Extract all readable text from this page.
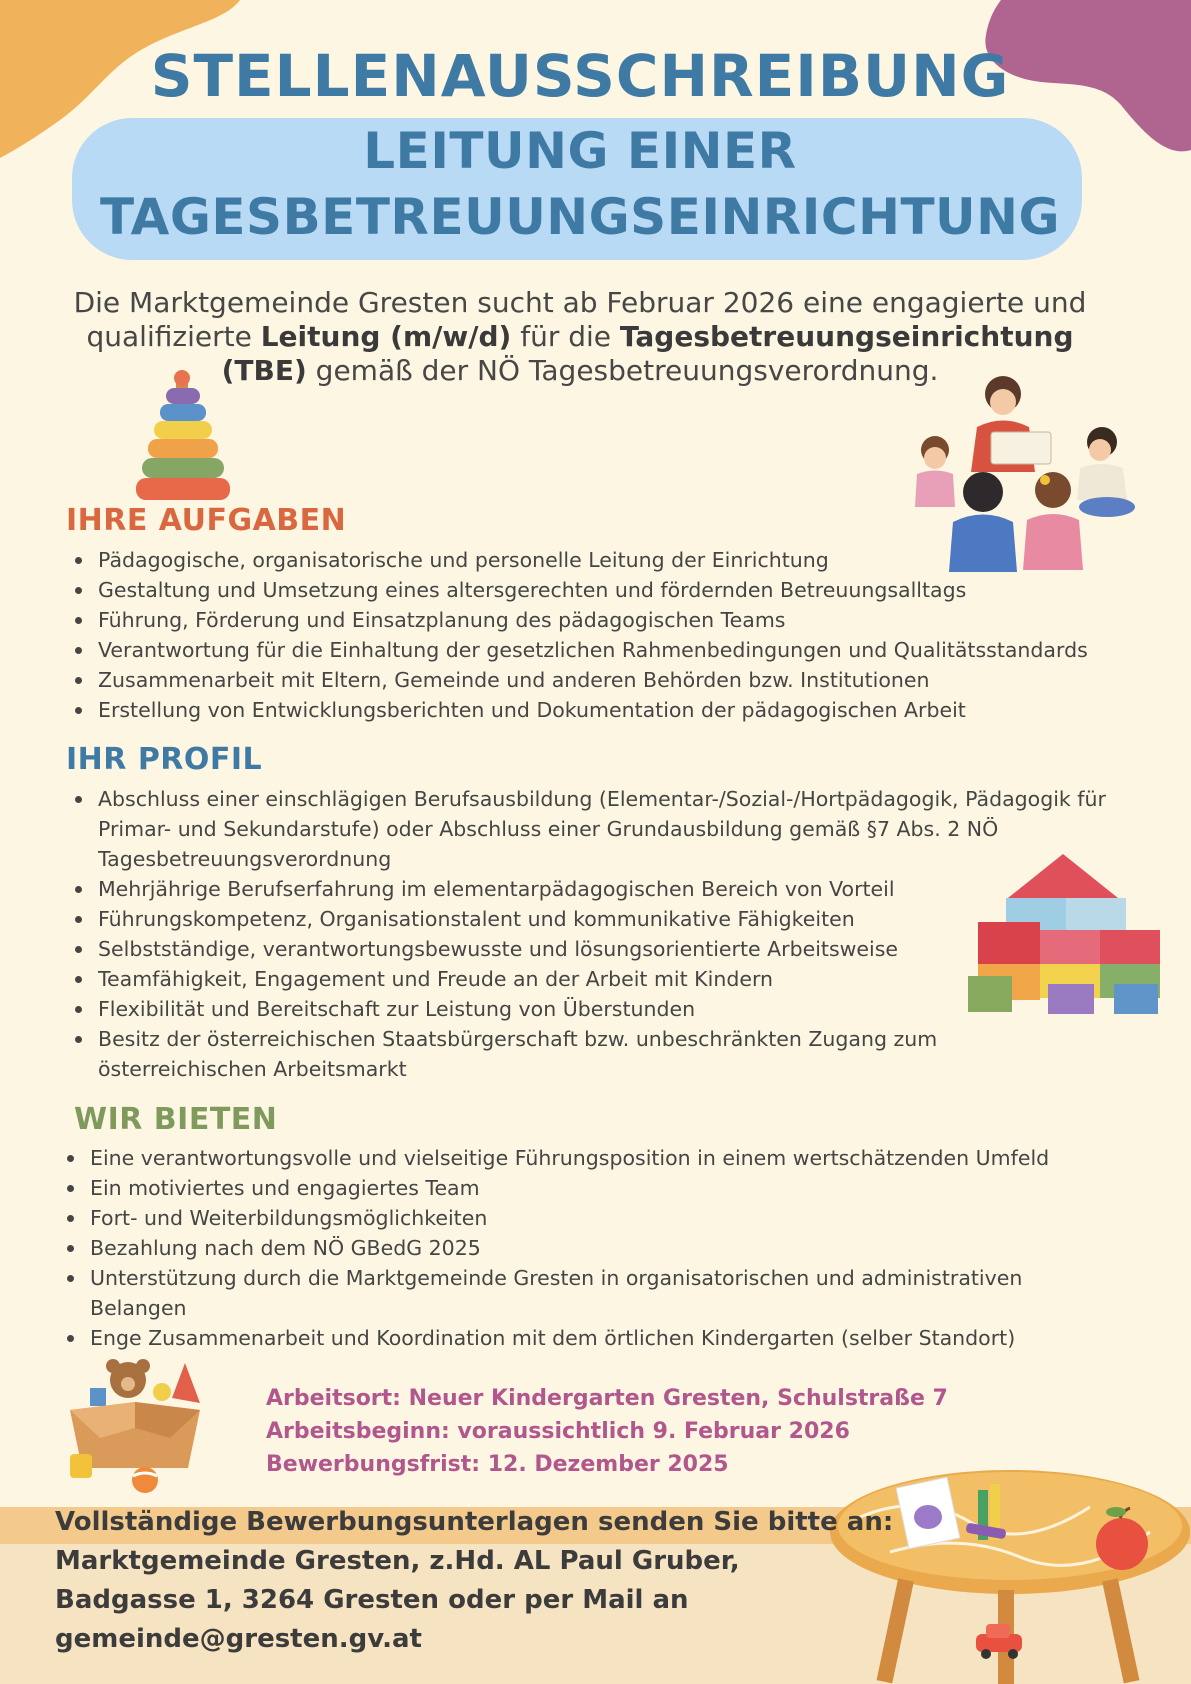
STELLENAUSSCHREIBUNG
LEITUNG EINER
TAGESBETREUUNGSEINRICHTUNG
Die Marktgemeinde Gresten sucht ab Februar 2026 eine engagierte und qualifizierte Leitung (m/w/d) für die Tagesbetreuungseinrichtung (TBE) gemäß der NÖ Tagesbetreuungsverordnung.
IHRE AUFGABEN
Pädagogische, organisatorische und personelle Leitung der Einrichtung
Gestaltung und Umsetzung eines altersgerechten und fördernden Betreuungsalltags
Führung, Förderung und Einsatzplanung des pädagogischen Teams
Verantwortung für die Einhaltung der gesetzlichen Rahmenbedingungen und Qualitätsstandards
Zusammenarbeit mit Eltern, Gemeinde und anderen Behörden bzw. Institutionen
Erstellung von Entwicklungsberichten und Dokumentation der pädagogischen Arbeit
IHR PROFIL
Abschluss einer einschlägigen Berufsausbildung (Elementar-/Sozial-/Hortpädagogik, Pädagogik für Primar- und Sekundarstufe) oder Abschluss einer Grundausbildung gemäß §7 Abs. 2 NÖ Tagesbetreuungsverordnung
Mehrjährige Berufserfahrung im elementarpädagogischen Bereich von Vorteil
Führungskompetenz, Organisationstalent und kommunikative Fähigkeiten
Selbstständige, verantwortungsbewusste und lösungsorientierte Arbeitsweise
Teamfähigkeit, Engagement und Freude an der Arbeit mit Kindern
Flexibilität und Bereitschaft zur Leistung von Überstunden
Besitz der österreichischen Staatsbürgerschaft bzw. unbeschränkten Zugang zum österreichischen Arbeitsmarkt
WIR BIETEN
Eine verantwortungsvolle und vielseitige Führungsposition in einem wertschätzenden Umfeld
Ein motiviertes und engagiertes Team
Fort- und Weiterbildungsmöglichkeiten
Bezahlung nach dem NÖ GBedG 2025
Unterstützung durch die Marktgemeinde Gresten in organisatorischen und administrativen Belangen
Enge Zusammenarbeit und Koordination mit dem örtlichen Kindergarten (selber Standort)
Arbeitsort: Neuer Kindergarten Gresten, Schulstraße 7
Arbeitsbeginn: voraussichtlich 9. Februar 2026
Bewerbungsfrist: 12. Dezember 2025
Vollständige Bewerbungsunterlagen senden Sie bitte an:
Marktgemeinde Gresten, z.Hd. AL Paul Gruber,
Badgasse 1, 3264 Gresten oder per Mail an
gemeinde@gresten.gv.at
